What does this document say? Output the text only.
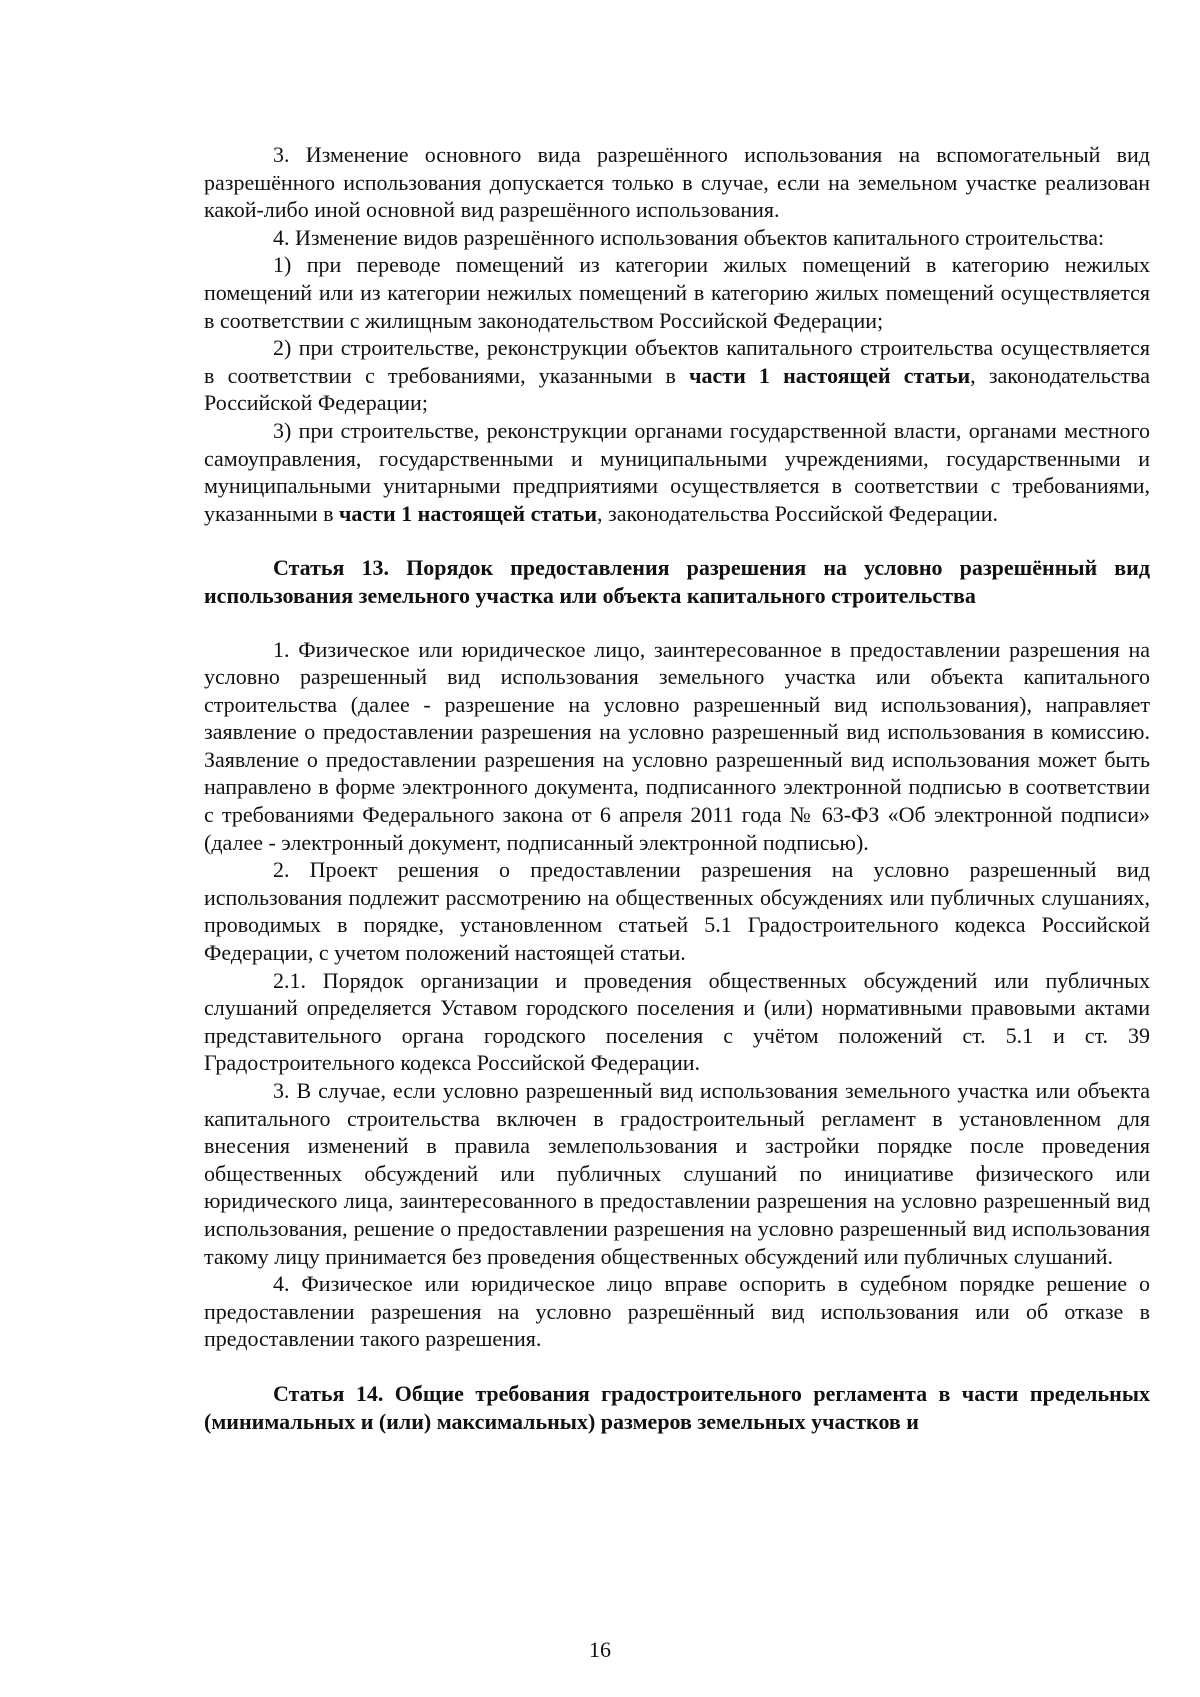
3. Изменение основного вида разрешённого использования на вспомогательный вид разрешённого использования допускается только в случае, если на земельном участке реализован какой-либо иной основной вид разрешённого использования.

4. Изменение видов разрешённого использования объектов капитального строительства:

1) при переводе помещений из категории жилых помещений в категорию нежилых помещений или из категории нежилых помещений в категорию жилых помещений осуществляется в соответствии с жилищным законодательством Российской Федерации;

2) при строительстве, реконструкции объектов капитального строительства осуществляется в соответствии с требованиями, указанными в части 1 настоящей статьи, законодательства Российской Федерации;

3) при строительстве, реконструкции органами государственной власти, органами местного самоуправления, государственными и муниципальными учреждениями, государственными и муниципальными унитарными предприятиями осуществляется в соответствии с требованиями, указанными в части 1 настоящей статьи, законодательства Российской Федерации.

Статья 13. Порядок предоставления разрешения на условно разрешённый вид использования земельного участка или объекта капитального строительства

1. Физическое или юридическое лицо, заинтересованное в предоставлении разрешения на условно разрешенный вид использования земельного участка или объекта капитального строительства (далее - разрешение на условно разрешенный вид использования), направляет заявление о предоставлении разрешения на условно разрешенный вид использования в комиссию. Заявление о предоставлении разрешения на условно разрешенный вид использования может быть направлено в форме электронного документа, подписанного электронной подписью в соответствии с требованиями Федерального закона от 6 апреля 2011 года № 63-ФЗ «Об электронной подписи» (далее - электронный документ, подписанный электронной подписью).

2. Проект решения о предоставлении разрешения на условно разрешенный вид использования подлежит рассмотрению на общественных обсуждениях или публичных слушаниях, проводимых в порядке, установленном статьей 5.1 Градостроительного кодекса Российской Федерации, с учетом положений настоящей статьи.

2.1. Порядок организации и проведения общественных обсуждений или публичных слушаний определяется Уставом городского поселения и (или) нормативными правовыми актами представительного органа городского поселения с учётом положений ст. 5.1 и ст. 39 Градостроительного кодекса Российской Федерации.

3. В случае, если условно разрешенный вид использования земельного участка или объекта капитального строительства включен в градостроительный регламент в установленном для внесения изменений в правила землепользования и застройки порядке после проведения общественных обсуждений или публичных слушаний по инициативе физического или юридического лица, заинтересованного в предоставлении разрешения на условно разрешенный вид использования, решение о предоставлении разрешения на условно разрешенный вид использования такому лицу принимается без проведения общественных обсуждений или публичных слушаний.

4. Физическое или юридическое лицо вправе оспорить в судебном порядке решение о предоставлении разрешения на условно разрешённый вид использования или об отказе в предоставлении такого разрешения.

Статья 14. Общие требования градостроительного регламента в части предельных (минимальных и (или) максимальных) размеров земельных участков и

16
